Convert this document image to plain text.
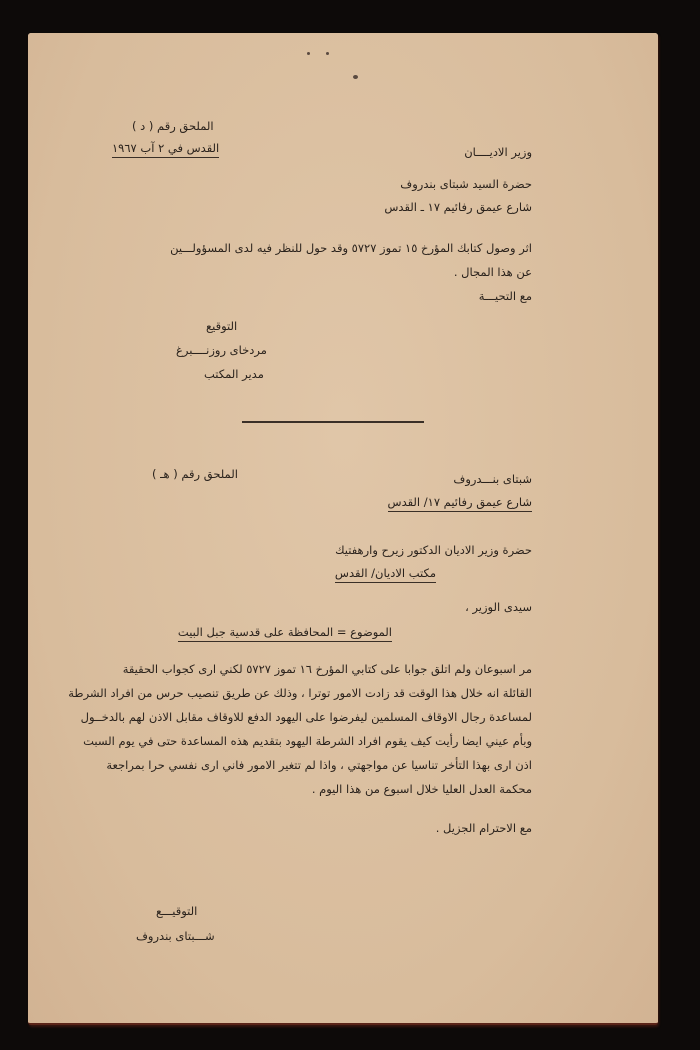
الملحق رقم ( د )
القدس في ٢ آب ١٩٦٧	وزير الاديــــان
حضرة السيد شبتاى بندروف
شارع عيمق رفائيم ١٧ ـ القدس
اثر وصول كتابك المؤرخ ١٥ تموز ٥٧٢٧ وقد حول للنظر فيه لدى المسؤولـــين
عن هذا المجال .
مع التحيـــة
التوقيع
مردخاى روزنــــبرغ
مدير المكتب
الملحق رقم ( هـ )	شبتاى بنـــدروف
شارع عيمق رفائيم ١٧/ القدس
حضرة وزير الاديان الدكتور زيرح وارهفتيك
مكتب الاديان/ القدس
سيدى الوزير ،
الموضوع = المحافظة على قدسية جبل البيت
مر اسبوعان ولم اتلق جوابا على كتابي المؤرخ ١٦ تموز ٥٧٢٧ لكني ارى كجواب الحقيقة
القائلة انه خلال هذا الوقت قد زادت الامور توترا ، وذلك عن طريق تنصيب حرس من افراد الشرطة
لمساعدة رجال الاوقاف المسلمين ليفرضوا على اليهود الدفع للاوقاف مقابل الاذن لهم بالدخــول
وبأم عيني ايضا رأيت كيف يقوم افراد الشرطة اليهود بتقديم هذه المساعدة حتى في يوم السبت
اذن ارى بهذا التأخر تناسيا عن مواجهتي ، واذا لم تتغير الامور فاني ارى نفسي حرا بمراجعة
محكمة العدل العليا خلال اسبوع من هذا اليوم .
مع الاحترام الجزيل .
التوقيـــع
شـــبتاى بندروف
